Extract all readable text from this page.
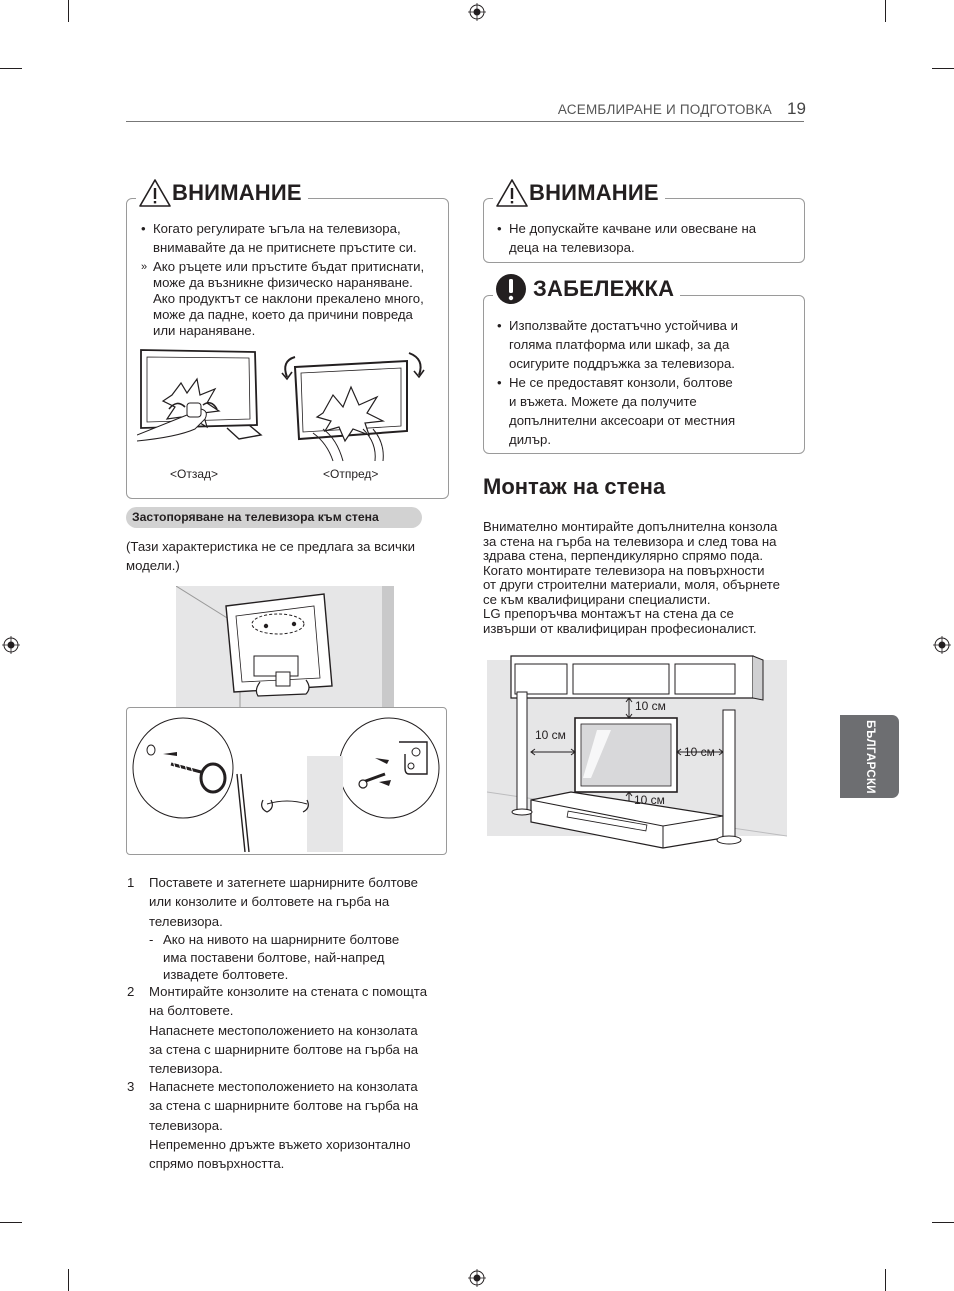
АСЕМБЛИРАНЕ И ПОДГОТОВКА 19
БЪЛГАРСКИ
ВНИМАНИЕ
• Когато регулирате ъгъла на телевизора,
внимавайте да не притиснете пръстите си.
» Ако ръцете или пръстите бъдат притиснати,
може да възникне физическо нараняване.
Ако продуктът се наклони прекалено много,
може да падне, което да причини повреда
или нараняване.
<Отзад>	<Отпред>
Застопоряване на телевизора към стена
(Тази характеристика не се предлага за всички
модели.)
1 Поставете и затегнете шарнирните болтове
или конзолите и болтовете на гърба на
телевизора.
- Ако на нивото на шарнирните болтове
има поставени болтове, най-напред
извадете болтовете.
2 Монтирайте конзолите на стената с помощта
на болтовете.
Напаснете местоположението на конзолата
за стена с шарнирните болтове на гърба на
телевизора.
3 Напаснете местоположението на конзолата
за стена с шарнирните болтове на гърба на
телевизора.
Непременно дръжте въжето хоризонтално
спрямо повърхността.
ВНИМАНИЕ
• Не допускайте качване или овесване на
деца на телевизора.
ЗАБЕЛЕЖКА
• Използвайте достатъчно устойчива и
голяма платформа или шкаф, за да
осигурите поддръжка за телевизора.
• Не се предоставят конзоли, болтове
и въжета. Можете да получите
допълнителни аксесоари от местния
дилър.
Монтаж на стена
Внимателно монтирайте допълнителна конзола
за стена на гърба на телевизора и след това на
здрава стена, перпендикулярно спрямо пода.
Когато монтирате телевизора на повърхности
от други строителни материали, моля, обърнете
се към квалифицирани специалисти.
LG препоръчва монтажът на стена да се
извърши от квалифициран професионалист.
10 см
10 см
10 см
10 см
